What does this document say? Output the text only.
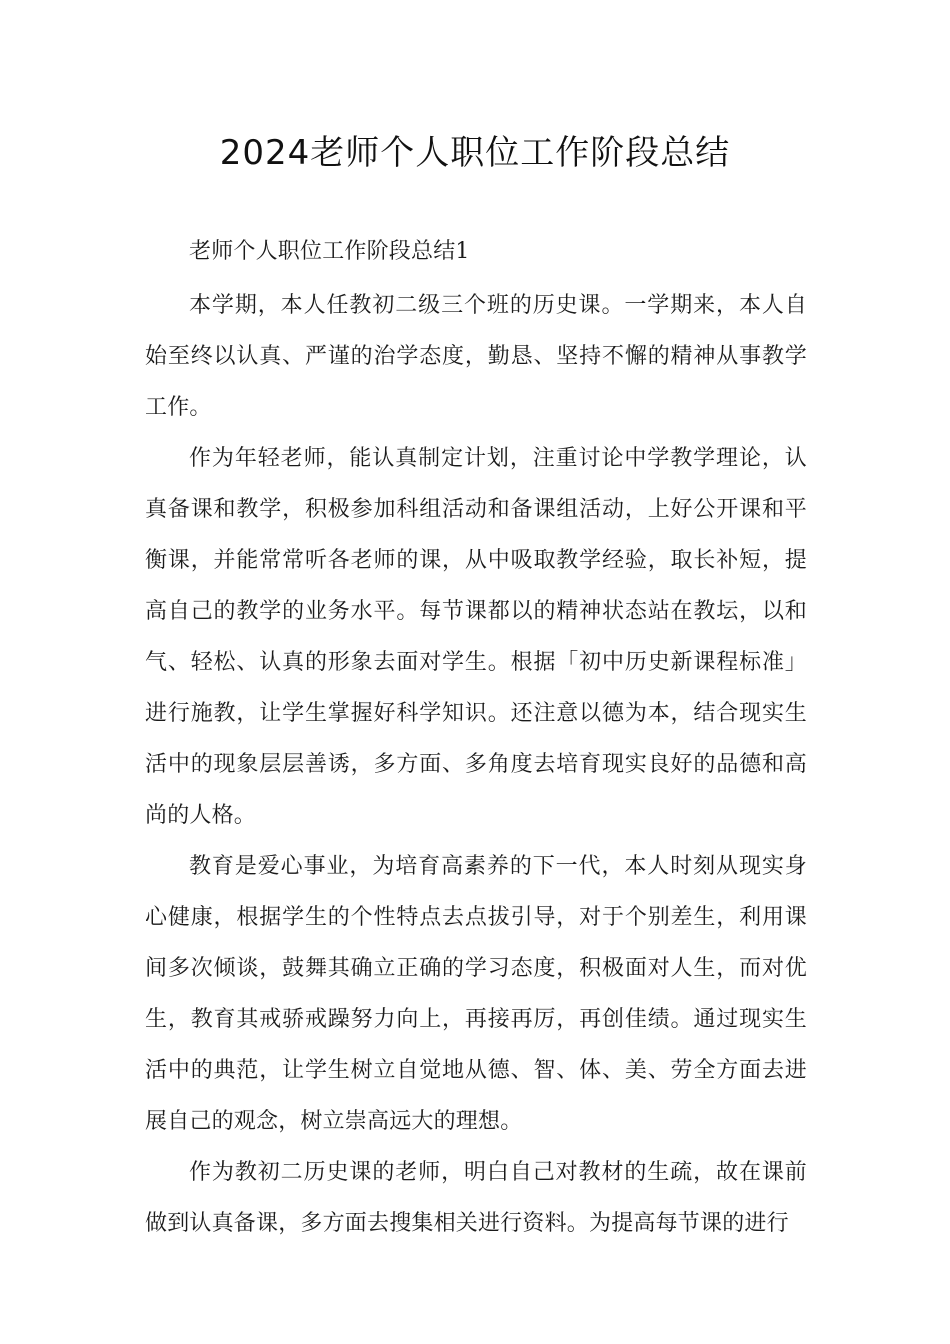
2024老师个人职位工作阶段总结

老师个人职位工作阶段总结1

本学期，本人任教初二级三个班的历史课。一学期来，本人自始至终以认真、严谨的治学态度，勤恳、坚持不懈的精神从事教学工作。

作为年轻老师，能认真制定计划，注重讨论中学教学理论，认真备课和教学，积极参加科组活动和备课组活动，上好公开课和平衡课，并能常常听各老师的课，从中吸取教学经验，取长补短，提高自己的教学的业务水平。每节课都以的精神状态站在教坛，以和气、轻松、认真的形象去面对学生。根据「初中历史新课程标准」进行施教，让学生掌握好科学知识。还注意以德为本，结合现实生活中的现象层层善诱，多方面、多角度去培育现实良好的品德和高尚的人格。

教育是爱心事业，为培育高素养的下一代，本人时刻从现实身心健康，根据学生的个性特点去点拔引导，对于个别差生，利用课间多次倾谈，鼓舞其确立正确的学习态度，积极面对人生，而对优生，教育其戒骄戒躁努力向上，再接再厉，再创佳绩。通过现实生活中的典范，让学生树立自觉地从德、智、体、美、劳全方面去进展自己的观念，树立崇高远大的理想。

作为教初二历史课的老师，明白自己对教材的生疏，故在课前做到认真备课，多方面去搜集相关进行资料。为提高每节课的进行
